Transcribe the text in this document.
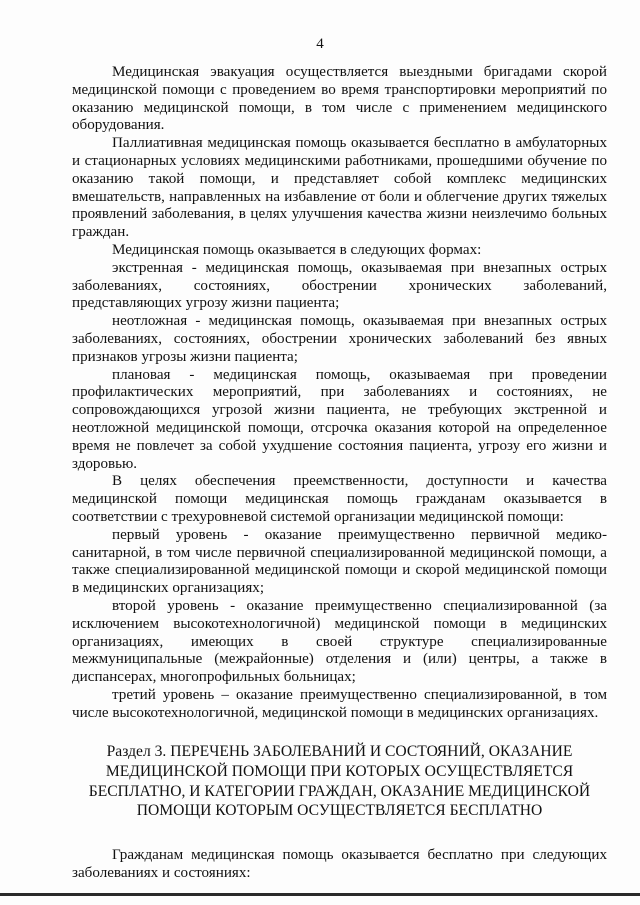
4

Медицинская эвакуация осуществляется выездными бригадами скорой медицинской помощи с проведением во время транспортировки мероприятий по оказанию медицинской помощи, в том числе с применением медицинского оборудования.

Паллиативная медицинская помощь оказывается бесплатно в амбулаторных и стационарных условиях медицинскими работниками, прошедшими обучение по оказанию такой помощи, и представляет собой комплекс медицинских вмешательств, направленных на избавление от боли и облегчение других тяжелых проявлений заболевания, в целях улучшения качества жизни неизлечимо больных граждан.

Медицинская помощь оказывается в следующих формах:

экстренная - медицинская помощь, оказываемая при внезапных острых заболеваниях, состояниях, обострении хронических заболеваний, представляющих угрозу жизни пациента;

неотложная - медицинская помощь, оказываемая при внезапных острых заболеваниях, состояниях, обострении хронических заболеваний без явных признаков угрозы жизни пациента;

плановая - медицинская помощь, оказываемая при проведении профилактических мероприятий, при заболеваниях и состояниях, не сопровождающихся угрозой жизни пациента, не требующих экстренной и неотложной медицинской помощи, отсрочка оказания которой на определенное время не повлечет за собой ухудшение состояния пациента, угрозу его жизни и здоровью.

В целях обеспечения преемственности, доступности и качества медицинской помощи медицинская помощь гражданам оказывается в соответствии с трехуровневой системой организации медицинской помощи:

первый уровень - оказание преимущественно первичной медико-санитарной, в том числе первичной специализированной медицинской помощи, а также специализированной медицинской помощи и скорой медицинской помощи в медицинских организациях;

второй уровень - оказание преимущественно специализированной (за исключением высокотехнологичной) медицинской помощи в медицинских организациях, имеющих в своей структуре специализированные межмуниципальные (межрайонные) отделения и (или) центры, а также в диспансерах, многопрофильных больницах;

третий уровень – оказание преимущественно специализированной, в том числе высокотехнологичной, медицинской помощи в медицинских организациях.

Раздел 3. ПЕРЕЧЕНЬ ЗАБОЛЕВАНИЙ И СОСТОЯНИЙ, ОКАЗАНИЕ МЕДИЦИНСКОЙ ПОМОЩИ ПРИ КОТОРЫХ ОСУЩЕСТВЛЯЕТСЯ БЕСПЛАТНО, И КАТЕГОРИИ ГРАЖДАН, ОКАЗАНИЕ МЕДИЦИНСКОЙ ПОМОЩИ КОТОРЫМ ОСУЩЕСТВЛЯЕТСЯ БЕСПЛАТНО

Гражданам медицинская помощь оказывается бесплатно при следующих заболеваниях и состояниях:
